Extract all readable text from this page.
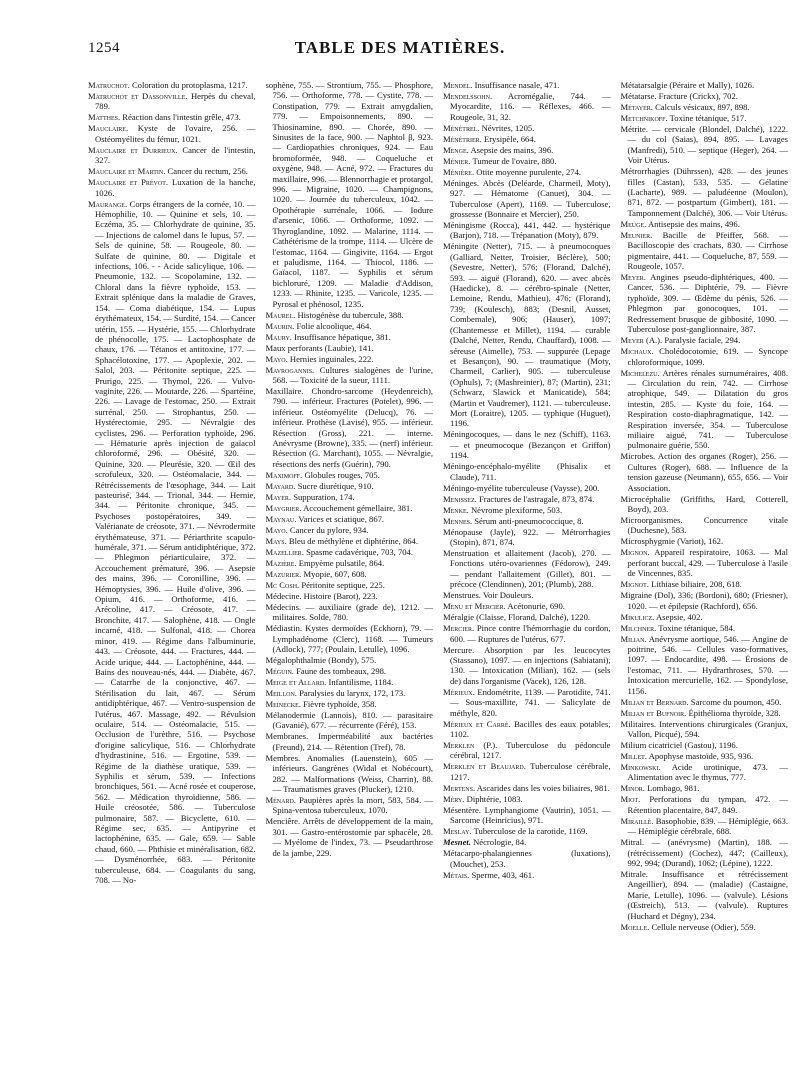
1254	TABLE DES MATIÈRES.

Matruchot. Coloration du protoplasma, 1217.

Matruchot et Dassonville. Herpès du cheval, 789.

Matthes. Réaction dans l'intestin grêle, 473.

Mauclaire. Kyste de l'ovaire, 256. — Ostéomyélites du fémur, 1021.

Mauclaire et Durrieux. Cancer de l'intestin, 327.

Mauclaire et Martin. Cancer du rectum, 256.

Mauclaire et Prévot. Luxation de la hanche, 1026.

Maurange. Corps étrangers de la cornée, 10. — Hémophilie, 10. — Quinine et sels, 10. — Eczéma, 35. — Chlorhydrate de quinine, 35. — Injections de calomel dans le lupus, 57. — Sels de quinine, 58. — Rougeole, 80. — Sulfate de quinine, 80. — Digitale et infections, 106. - - Acide salicylique, 106. — Pneumonie, 132. — Scopolamine, 132. — Chloral dans la fièvre typhoïde, 153. — Extrait splénique dans la maladie de Graves, 154. — Coma diabétique, 154. — Lupus érythémateux, 154. — Surdité, 154. — Cancer utérin, 155. — Hystérie, 155. — Chlorhydrate de phénocolle, 175. — Lactophosphate de chaux, 176. — Tétanos et antitoxine, 177. — Sphacélotoxine, 177. — Apoplexie, 202. — Salol, 203. — Péritonite septique, 225. — Prurigo, 225. — Thymol, 226. — Vulvo-vaginite, 226. — Moutarde, 226. — Spartéine, 226. — Lavage de l'estomac, 250. — Extrait surrénal, 250. — Strophantus, 250. — Hystérectomie, 295. — Névralgie des cyclistes, 296. — Perforation typhoïde, 296. — Hématurie après injection de gaïacol chloroformé, 296. — Obésité, 320. — Quinine, 320. — Pleurésie, 320. — Œil des scrofuleux, 320. — Ostéomalacie, 344. — Rétrécissements de l'œsophage, 344. — Lait pasteurisé, 344. — Trional, 344. — Hernie, 344. — Péritonite chronique, 345. — Psychoses postopératoires, 349. — Valérianate de créosote, 371. — Névrodermite érythémateuse, 371. — Périarthrite scapulo-humérale, 371. — Sérum antidiphtérique, 372. — Phlegmon périarticulaire, 372. — Accouchement prématuré, 396. — Asepsie des mains, 396. — Coronilline, 396. — Hémoptysies, 396. — Huile d'olive, 396. — Opium, 416. — Orthoforme, 416. — Arécoline, 417. — Créosote, 417. — Bronchite, 417. — Salophène, 418. — Ongle incarné, 418. — Sulfonal, 418. — Chorea minor, 419. — Régime dans l'albuminurie, 443. — Créosote, 444. — Fractures, 444. — Acide urique, 444. — Lactophénine, 444. — Bains des nouveau-nés, 444. — Diabète, 467. — Catarrhe de la conjonctive, 467. — Stérilisation du lait, 467. — Sérum antidiphtérique, 467. — Ventro-suspension de l'utérus, 467. Massage, 492. — Révulsion oculaire, 514. — Ostéomalacie, 515. — Occlusion de l'urèthre, 516. — Psychose d'origine salicylique, 516. — Chlorhydrate d'hydrastinine, 516. — Ergotine, 539. — Régime de la diathèse uratique, 539. — Syphilis et sérum, 539. — Infections bronchiques, 561. — Acné rosée et couperose, 562. — Médication thyroïdienne, 586. — Huile créosotée, 586. — Tuberculose pulmonaire, 587. — Bicyclette, 610. — Régime sec, 635. — Antipyrine et lactophénine, 635. — Gale, 659. — Sable chaud, 660. — Phthisie et minéralisation, 682. — Dysménorrhée, 683. — Péritonite tuberculeuse, 684. — Coagulants du sang, 708. — No-

sophène, 755. — Strontium, 755. — Phosphore, 756. — Orthoforme, 778. — Cystite, 778. — Constipation, 779. — Extrait amygdalien, 779. — Empoisonnements, 890. — Thiosinamine, 890. — Chorée, 890. — Sinusites de la face, 900. — Naphtol β, 923. — Cardiopathies chroniques, 924. — Eau bromoformée, 948. — Coqueluche et oxygène, 948. — Acné, 972. — Fractures du maxillaire, 996. — Blennorrhagie et protargol, 996. — Migraine, 1020. — Champignons, 1020. — Journée du tuberculeux, 1042. — Opothérapie surrénale, 1066. — Iodure d'arsenic, 1066. — Orthoforme, 1092. — Thyroglandine, 1092. — Malarine, 1114. — Cathétérisme de la trompe, 1114. — Ulcère de l'estomac, 1164. — Gingivite, 1164. — Ergot et paludisme, 1164. — Thiocol, 1186. — Gaïacol, 1187. — Syphilis et sérum bichloruré, 1209. — Maladie d'Addison, 1233. — Rhinite, 1235. — Varicole, 1235. — Pyrosal et phénosol, 1235.

Maurel. Histogénèse du tubercule, 388.

Maurin. Folie alcoolique, 464.

Maury. Insuffisance hépatique, 381.

Maux perforants (Laubie), 141.

Mayo. Hernies inguinales, 222.

Mavrogannis. Cultures sialogènes de l'urine, 568. — Toxicité de la sueur, 1111.

Maxillaire. Chondro-sarcome (Heydenreich), 790. — inférieur. Fractures (Potelet), 996. — inférieur. Ostéomyélite (Delucq), 76. — inférieur. Prothèse (Lavisé), 955. — inférieur. Résection (Gross), 221. — interne. Anévrysme (Browne), 335. — (nerf) inférieur. Résection (G. Marchant), 1055. — Névralgie, résections des nerfs (Guérin), 790.

Maximoff. Globules rouges, 705.

Mayard. Sucre diurétique, 910.

Mayer. Suppuration, 174.

Maygrier. Accouchement gémellaire, 381.

Maynau. Varices et sciatique, 867.

Mayo. Cancer du pylore, 934.

Mays. Bleu de méthylène et diphtérine, 864.

Mazellier. Spasme cadavérique, 703, 704.

Mazière. Empyème pulsatile, 864.

Mazurier. Myopie, 607, 608.

Mc Cosh. Péritonite septique, 225.

Médecine. Histoire (Barot), 223.

Médecins. — auxiliaire (grade de), 1212. — militaires. Solde, 780.

Médiastin. Kystes dermoïdes (Eckhorn), 79. — Lymphadénome (Clerc), 1168. — Tumeurs (Adlock), 777; (Poulain, Letulle), 1096.

Mégalophthalmie (Bondy), 575.

Méguin. Faune des tombeaux, 298.

Meige et Allard. Infantilisme, 1184.

Meillon. Paralysies du larynx, 172, 173.

Meinecke. Fièvre typhoïde, 358.

Mélanodermie (Lannois), 810. — parasitaire (Gavanié), 677. — récurrente (Féré), 153.

Membranes. Imperméabilité aux bactéries (Freund), 214. — Rétention (Tref), 78.

Membres. Anomalies (Lauenstein), 605 — inférieurs. Gangrènes (Widal et Nobécourt), 282. — Malformations (Weiss, Charrin), 88. — Traumatismes graves (Plucker), 1210.

Ménard. Paupières après la mort, 583, 584. — Spina-ventosa tuberculeux, 1070.

Menciêre. Arrêts de développement de la main, 301. — Gastro-entérostomie par sphacèle, 28. — Myélome de l'index, 73. — Pseudarthrose de la jambe, 229.

Mendel. Insuffisance nasale, 471.

Mendelssohn. Acromégalie, 744. — Myocardite, 116. — Réflexes, 466. — Rougeole, 31, 32.

Ménétrel. Névrites, 1205.

Ménétrier. Erysipèle, 664.

Menge. Asepsie des mains, 396.

Ménier. Tumeur de l'ovaire, 880.

Ménière. Otite moyenne purulente, 274.

Méninges. Abcès (Deléarde, Charmeil, Moty), 927. — Hématome (Canuet), 304. — Tuberculose (Apert), 1169. — Tuberculose, grossesse (Bonnaire et Mercier), 250.

Méningisme (Rocca), 441, 442. — hystérique (Barjon), 718. — Trépanation (Moty), 879.

Méningite (Netter), 715. — à pneumocoques (Galliard, Netter, Troisier, Béclère), 500; (Sevestre, Netter), 576; (Florand, Dalché), 593. — aiguë (Florand), 620. — avec abcès (Haedicke), 8. — cérébro-spinale (Netter, Lemoine, Rendu, Mathieu), 476; (Florand), 739; (Koulesch), 883; (Desnil, Ausset, Combemale), 906; (Hauser), 1097; (Chantemesse et Millet), 1194. — curable (Dalché, Netter, Rendu, Chauffard), 1008. — séreuse (Aimelle), 753. — suppurée (Lepage et Besançon), 90. — traumatique (Moty, Charmeil, Carlier), 905. — tuberculeuse (Ophuls), 7; (Mashreinier), 87; (Martin), 231; (Schwarz, Slawick et Manicatide), 584; (Martin et Vaudremer), 1121. — tuberculeuse. Mort (Loraitre), 1205. — typhique (Huguet), 1196.

Méningocoques, — dans le nez (Schiff), 1163. — et pneumocoque (Bezançon et Griffon) 1194.

Méningo-encéphalo-myélite (Phisalix et Claude), 711.

Méningo-myélite tuberculeuse (Vaysse), 200.

Menissez. Fractures de l'astragale, 873, 874.

Menke. Névrome plexiforme, 503.

Mennes. Sérum anti-pneumococcique, 8.

Ménopause (Jayle), 922. — Métrorrhagies (Stopin), 871, 874.

Menstruation et allaitement (Jacob), 270. — Fonctions utéro-ovariennes (Fédorow), 249. — pendant l'allaitement (Gillet), 801. — précoce (Clendinnen), 201; (Plumb), 288.

Menstrues. Voir Douleurs.

Menu et Mercier. Acétonurie, 690.

Méralgie (Claisse, Florand, Dalché), 1220.

Mercier. Pince contre l'hémorrhagie du cordon, 600. — Ruptures de l'utérus, 677.

Mercure. Absorption par les leucocytes (Stassano), 1097. — en injections (Sabiatani), 130. — Intoxication (Milian), 162. — (sels de) dans l'organisme (Vacek), 126, 128.

Mérieux. Endométrite, 1139. — Parotidite, 741. — Sous-maxillite, 741. — Salicylate de méthyle, 820.

Mérieux et Carré. Bacilles des eaux potables, 1102.

Merklen (P.). Tuberculose du pédoncule cérébral, 1217.

Merklen et Beaujard. Tuberculose cérébrale, 1217.

Mertens. Ascarides dans les voies biliaires, 981.

Méry. Diphtérie, 1083.

Mésentère. Lymphangiome (Vautrin), 1051. — Sarcome (Heinricius), 971.

Meslay. Tuberculose de la carotide, 1169.

Mesnet. Nécrologie, 84.

Métacarpo-phalangiennes (luxations), (Mouchet), 253.

Métais. Sperme, 403, 461.

Métatarsalgie (Péraire et Mally), 1026.

Métatarse. Fracture (Crickx), 702.

Métayer. Calculs vésicaux, 897, 898.

Metchnikoff. Toxine tétanique, 517.

Métrite. — cervicale (Blondel, Dalché), 1222. — du col (Saias), 894, 895. — Lavages (Manfredi), 510. — septique (Heger), 264. — Voir Utérus.

Métrorrhagies (Dührssen), 428. — des jeunes filles (Castan), 533, 535. — Gélatine (Lacharte), 989. — paludéenne (Moulon), 871, 872. — postpartum (Gimbert), 181. — Tamponnement (Dalché), 306. — Voir Utérus.

Meuge. Antisepsie des mains, 496.

Meunier. Bacille de Pfeiffer, 568. — Bacilloscopie des crachats, 830. — Cirrhose pigmentaire, 441. — Coqueluche, 87, 559. — Rougeole, 1057.

Meyer. Angines pseudo-diphtériques, 400. — Cancer, 536. — Diphtérie, 79. — Fièvre typhoïde, 309. — Œdème du pénis, 526. — Phlegmon par gonocoques, 101. — Redressement brusque de gibbosité, 1090. — Tuberculose post-ganglionnaire, 387.

Meyer (A.). Paralysie faciale, 294.

Michaux. Cholédocotomie, 619. — Syncope chloroformique, 1099.

Michelezu. Artères rénales surnuméraires, 408. — Circulation du rein, 742. — Cirrhose atrophique, 549. — Dilatation du gros intestin, 285. — Kyste du foie, 164. — Respiration costo-diaphragmatique, 142. — Respiration inversée, 354. — Tuberculose miliaire aiguë, 741. — Tuberculose pulmonaire guérie, 550.

Microbes. Action des organes (Roger), 256. — Cultures (Roger), 688. — Influence de la tension gazeuse (Neumann), 655, 656. — Voir Association.

Microcéphalie (Griffiths, Hard, Cotterell, Boyd), 203.

Microorganismes. Concurrence vitale (Duchesne), 583.

Microsphygmie (Variot), 162.

Mignon. Appareil respiratoire, 1063. — Mal perforant buccal, 429. — Tuberculose à l'asile de Vincennes, 835.

Mignot. Lithiase biliaire, 208, 618.

Migraine (Dol), 336; (Bordoni), 680; (Friesner), 1020. — et épilepsie (Rachford), 656.

Mikulicz. Asepsie, 402.

Milchner. Toxine tétanique, 584.

Milian. Anévrysme aortique, 546. — Angine de poitrine, 546. — Cellules vaso-formatives, 1097. — Endocardite, 498. — Érosions de l'estomac, 711. — Hydrarthroses, 570. — Intoxication mercurielle, 162. — Spondylose, 1156.

Milian et Bernard. Sarcome du poumon, 450.

Milian et Bufnoir. Épithélioma thyroïde, 328.

Militaires. Interventions chirurgicales (Granjux, Vallon, Picqué), 594.

Milium cicatriciel (Gastou), 1196.

Millet. Apophyse mastoïde, 935, 936.

Minkowski. Acide urotinique, 473. — Alimentation avec le thymus, 777.

Minor. Lombago, 981.

Miot. Perforations du tympan, 472. — Rétention placentaire, 847, 849.

Miraillé. Basophobie, 839. — Hémiplégie, 663. — Hémiplégie cérébrale, 688.

Mitral. — (anévrysme) (Martin), 188. — (rétrécissement) (Cochez), 447; (Cailleux), 992, 994; (Durand), 1062; (Lépine), 1222.

Mitrale. Insuffisance et rétrécissement Angeillier), 894. — (maladie) (Castaigne, Marie, Letulle), 1096. — (valvule). Lésions (Œstreich), 513. — (valvule). Ruptures (Huchard et Dégny), 234.

Moelle. Cellule nerveuse (Odier), 559.
